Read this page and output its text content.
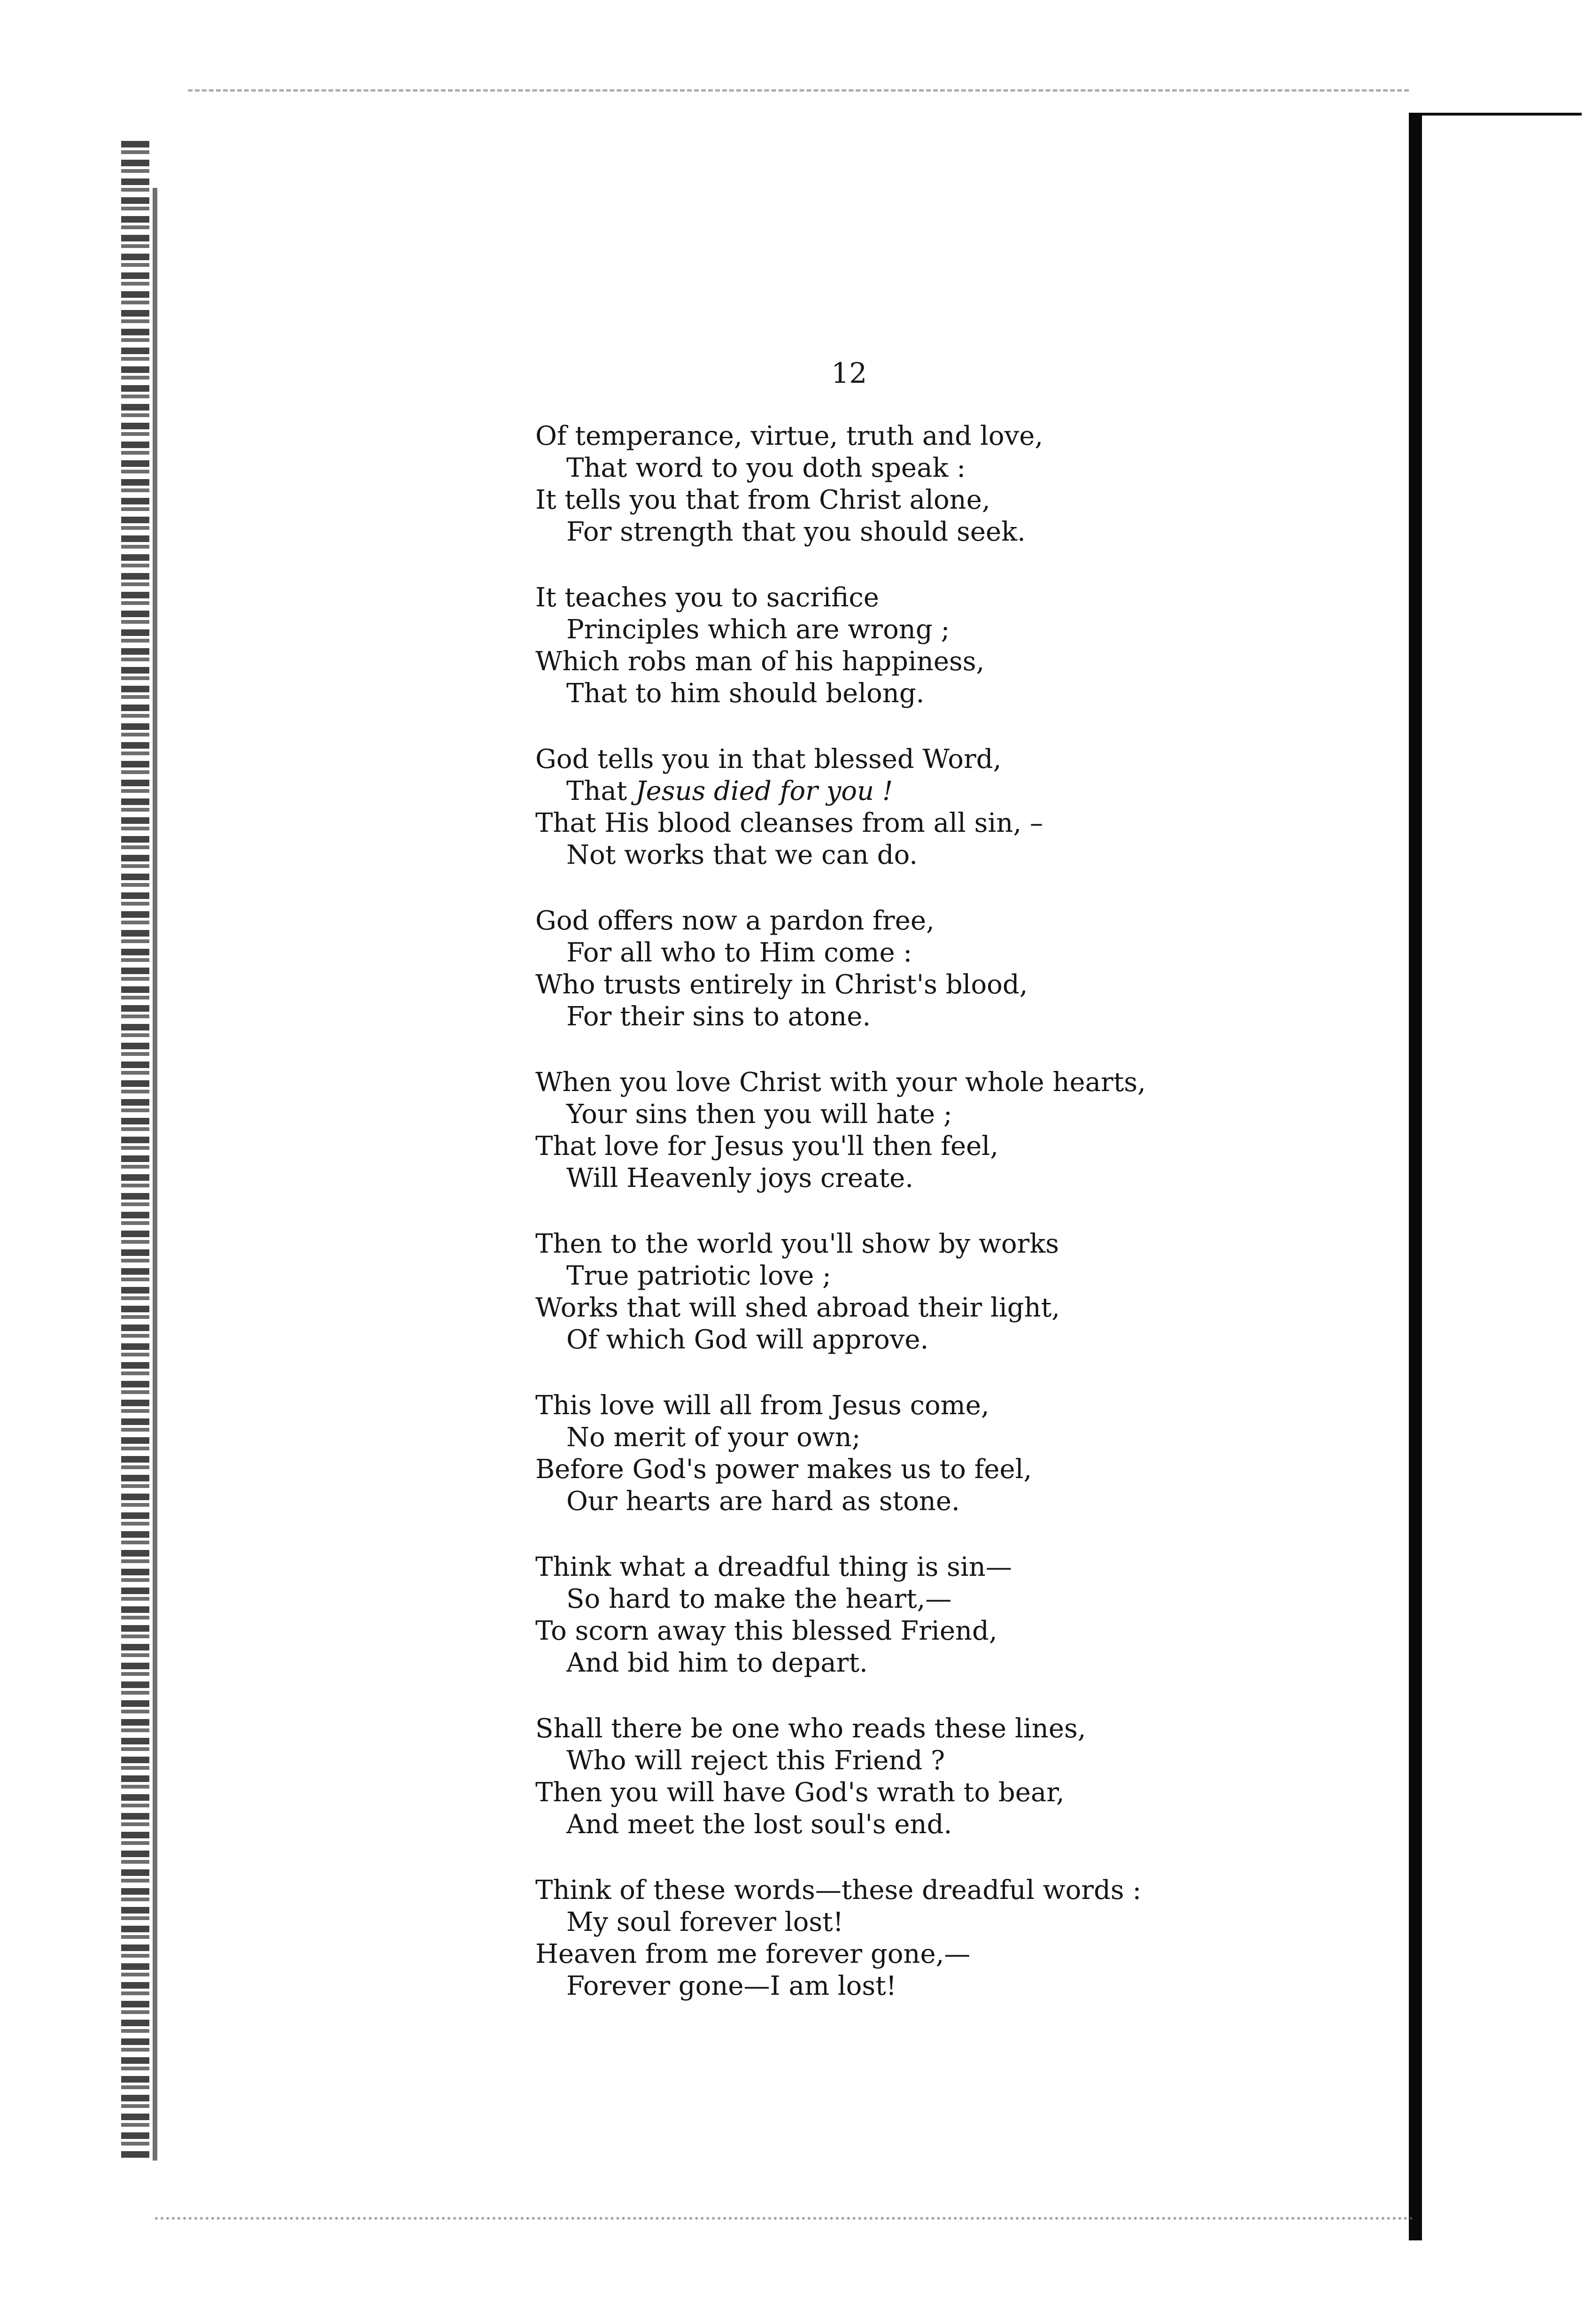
12
Of temperance, virtue, truth and love,
That word to you doth speak :
It tells you that from Christ alone,
For strength that you should seek.
It teaches you to sacrifice
Principles which are wrong ;
Which robs man of his happiness,
That to him should belong.
God tells you in that blessed Word,
That Jesus died for you !
That His blood cleanses from all sin, –
Not works that we can do.
God offers now a pardon free,
For all who to Him come :
Who trusts entirely in Christ's blood,
For their sins to atone.
When you love Christ with your whole hearts,
Your sins then you will hate ;
That love for Jesus you'll then feel,
Will Heavenly joys create.
Then to the world you'll show by works
True patriotic love ;
Works that will shed abroad their light,
Of which God will approve.
This love will all from Jesus come,
No merit of your own;
Before God's power makes us to feel,
Our hearts are hard as stone.
Think what a dreadful thing is sin—
So hard to make the heart,—
To scorn away this blessed Friend,
And bid him to depart.
Shall there be one who reads these lines,
Who will reject this Friend ?
Then you will have God's wrath to bear,
And meet the lost soul's end.
Think of these words—these dreadful words :
My soul forever lost!
Heaven from me forever gone,—
Forever gone—I am lost!
